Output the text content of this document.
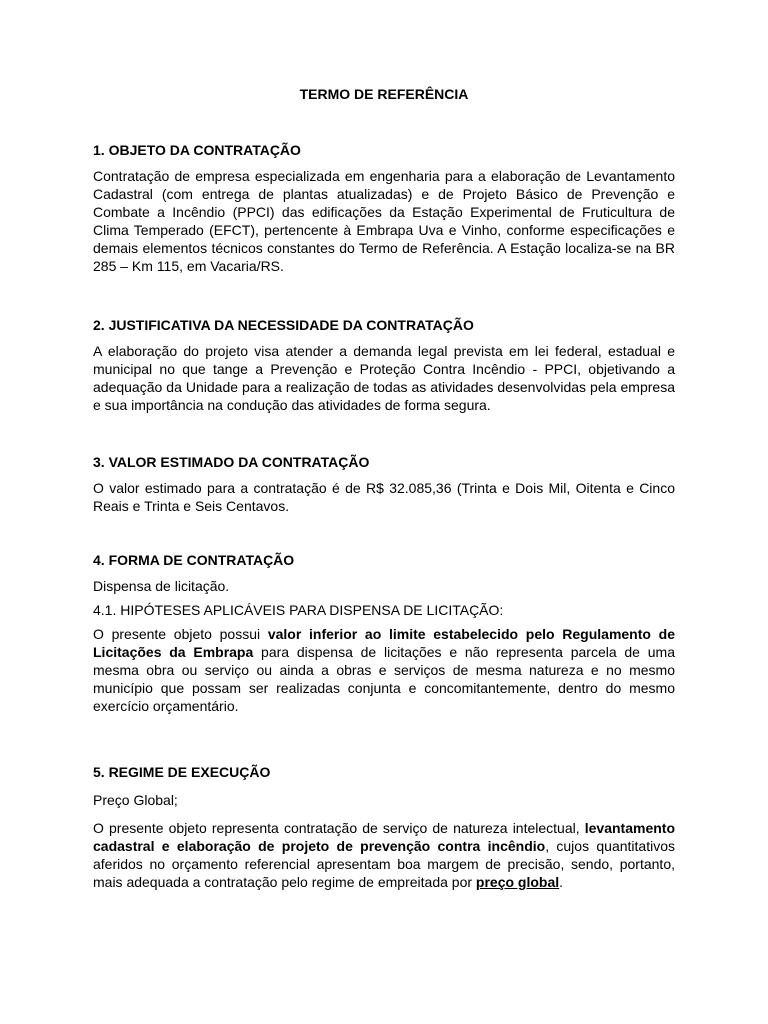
TERMO DE REFERÊNCIA

1. OBJETO DA CONTRATAÇÃO

Contratação de empresa especializada em engenharia para a elaboração de Levantamento Cadastral (com entrega de plantas atualizadas) e de Projeto Básico de Prevenção e Combate a Incêndio (PPCI) das edificações da Estação Experimental de Fruticultura de Clima Temperado (EFCT), pertencente à Embrapa Uva e Vinho, conforme especificações e demais elementos técnicos constantes do Termo de Referência. A Estação localiza-se na BR 285 – Km 115, em Vacaria/RS.

2. JUSTIFICATIVA DA NECESSIDADE DA CONTRATAÇÃO

A elaboração do projeto visa atender a demanda legal prevista em lei federal, estadual e municipal no que tange a Prevenção e Proteção Contra Incêndio - PPCI, objetivando a adequação da Unidade para a realização de todas as atividades desenvolvidas pela empresa e sua importância na condução das atividades de forma segura.

3. VALOR ESTIMADO DA CONTRATAÇÃO

O valor estimado para a contratação é de R$ 32.085,36 (Trinta e Dois Mil, Oitenta e Cinco Reais e Trinta e Seis Centavos.

4. FORMA DE CONTRATAÇÃO

Dispensa de licitação.

4.1. HIPÓTESES APLICÁVEIS PARA DISPENSA DE LICITAÇÃO:

O presente objeto possui valor inferior ao limite estabelecido pelo Regulamento de Licitações da Embrapa para dispensa de licitações e não representa parcela de uma mesma obra ou serviço ou ainda a obras e serviços de mesma natureza e no mesmo município que possam ser realizadas conjunta e concomitantemente, dentro do mesmo exercício orçamentário.

5. REGIME DE EXECUÇÃO

Preço Global;

O presente objeto representa contratação de serviço de natureza intelectual, levantamento cadastral e elaboração de projeto de prevenção contra incêndio, cujos quantitativos aferidos no orçamento referencial apresentam boa margem de precisão, sendo, portanto, mais adequada a contratação pelo regime de empreitada por preço global.
